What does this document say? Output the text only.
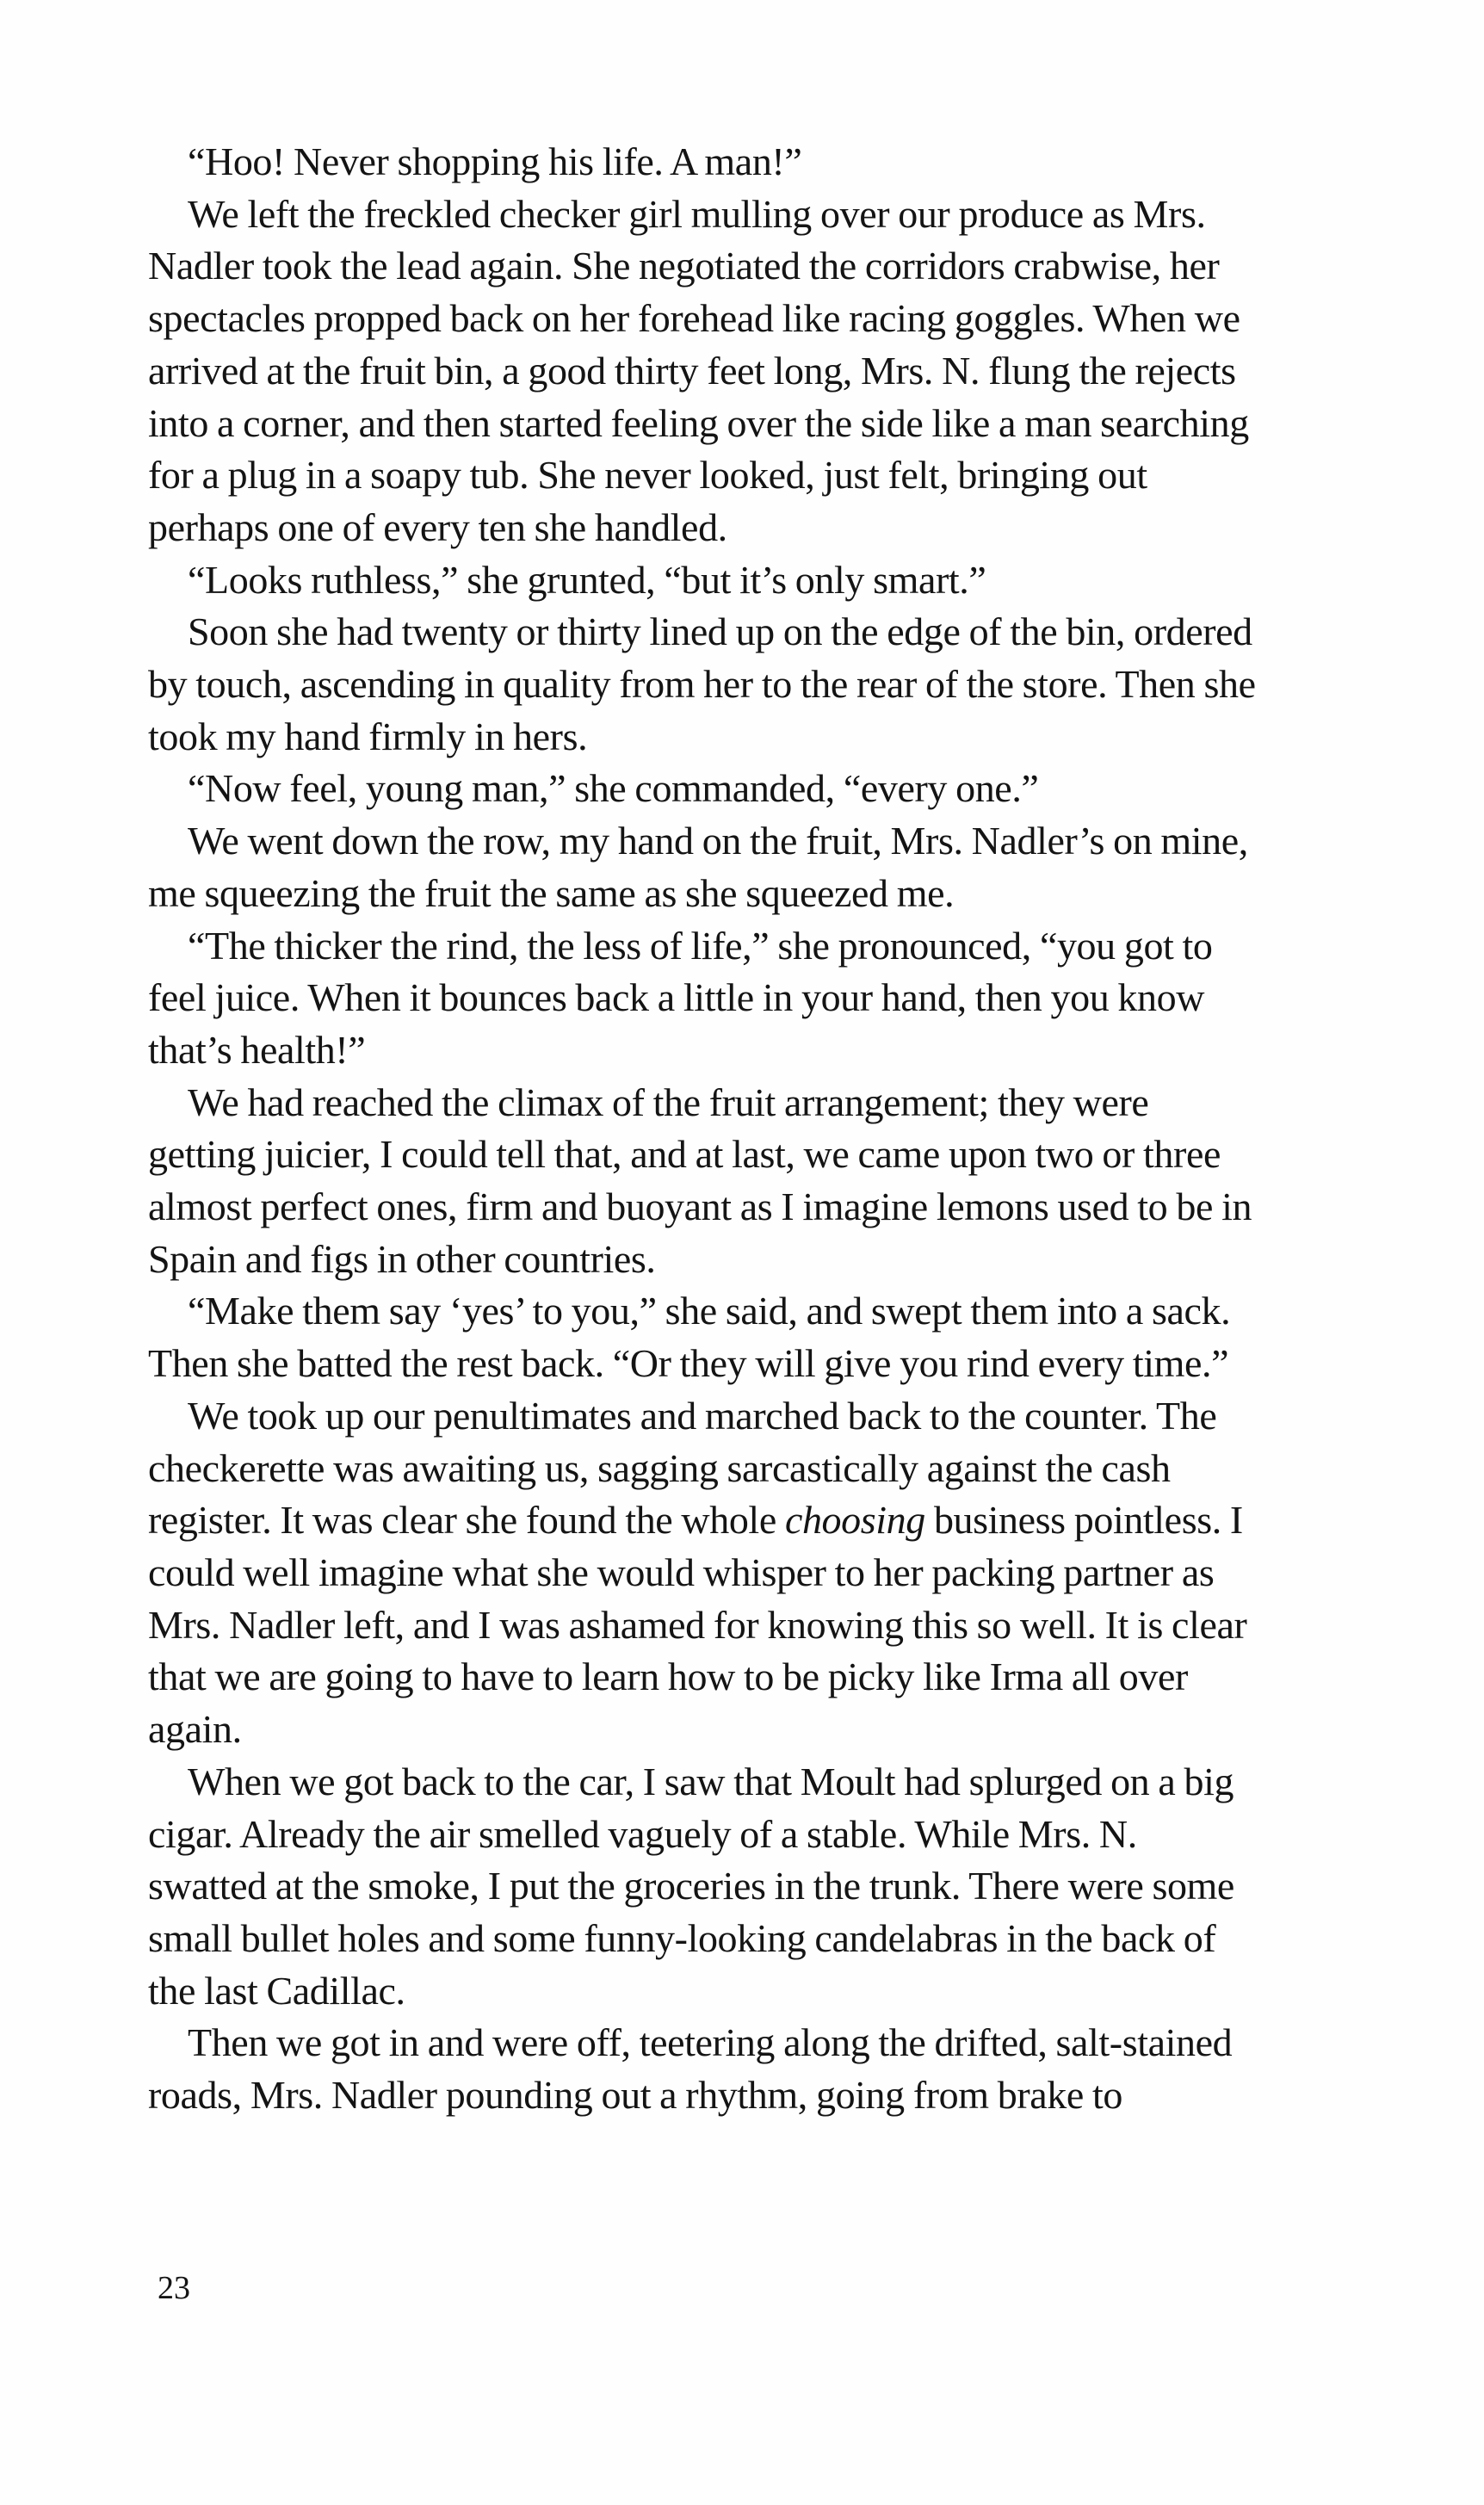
“Hoo! Never shopping his life. A man!”

We left the freckled checker girl mulling over our produce as Mrs.
Nadler took the lead again. She negotiated the corridors crabwise, her
spectacles propped back on her forehead like racing goggles. When we
arrived at the fruit bin, a good thirty feet long, Mrs. N. flung the rejects
into a corner, and then started feeling over the side like a man searching
for a plug in a soapy tub. She never looked, just felt, bringing out
perhaps one of every ten she handled.

“Looks ruthless,” she grunted, “but it’s only smart.”

Soon she had twenty or thirty lined up on the edge of the bin, ordered
by touch, ascending in quality from her to the rear of the store. Then she
took my hand firmly in hers.

“Now feel, young man,” she commanded, “every one.”

We went down the row, my hand on the fruit, Mrs. Nadler’s on mine,
me squeezing the fruit the same as she squeezed me.

“The thicker the rind, the less of life,” she pronounced, “you got to
feel juice. When it bounces back a little in your hand, then you know
that’s health!”

We had reached the climax of the fruit arrangement; they were
getting juicier, I could tell that, and at last, we came upon two or three
almost perfect ones, firm and buoyant as I imagine lemons used to be in
Spain and figs in other countries.

“Make them say ‘yes’ to you,” she said, and swept them into a sack.
Then she batted the rest back. “Or they will give you rind every time.”

We took up our penultimates and marched back to the counter. The
checkerette was awaiting us, sagging sarcastically against the cash
register. It was clear she found the whole choosing business pointless. I
could well imagine what she would whisper to her packing partner as
Mrs. Nadler left, and I was ashamed for knowing this so well. It is clear
that we are going to have to learn how to be picky like Irma all over
again.

When we got back to the car, I saw that Moult had splurged on a big
cigar. Already the air smelled vaguely of a stable. While Mrs. N.
swatted at the smoke, I put the groceries in the trunk. There were some
small bullet holes and some funny-looking candelabras in the back of
the last Cadillac.

Then we got in and were off, teetering along the drifted, salt-stained
roads, Mrs. Nadler pounding out a rhythm, going from brake to

23
